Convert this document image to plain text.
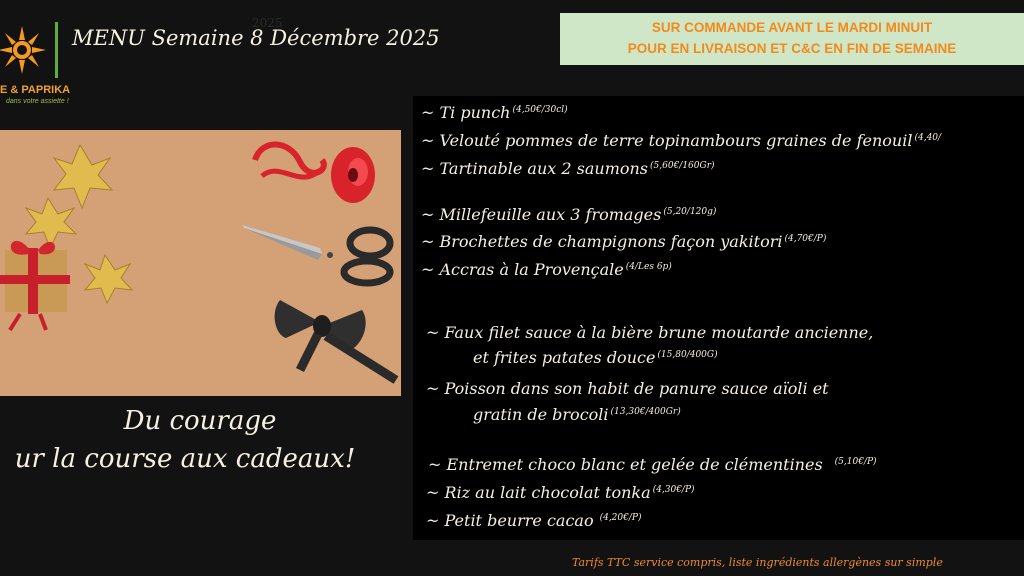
E & PAPRIKA
dans votre assiette !
2025
MENU Semaine 8 Décembre 2025	SUR COMMANDE AVANT LE MARDI MINUIT
POUR EN LIVRAISON ET C&C EN FIN DE SEMAINE
Du courage
ur la course aux cadeaux!
~ Ti punch $^{(4,50€/30cl)}$
~ Velouté pommes de terre topinambours graines de fenouil $^{(4,40/}$
~ Tartinable aux 2 saumons $^{(5,60€/160Gr)}$
~ Millefeuille aux 3 fromages $^{(5,20/120g)}$
~ Brochettes de champignons façon yakitori $^{(4,70€/P)}$
~ Accras à la Provençale $^{(4/Les 6p)}$
~ Faux filet sauce à la bière brune moutarde ancienne,
et frites patates douce $^{(15,80/400G)}$
~ Poisson dans son habit de panure sauce aïoli et
gratin de brocoli $^{(13,30€/400Gr)}$
~ Entremet choco blanc et gelée de clémentines $^{(5,10€/P)}$
~ Riz au lait chocolat tonka $^{(4,30€/P)}$
~ Petit beurre cacao $^{(4,20€/P)}$
Tarifs TTC service compris, liste ingrédients allergènes sur simple
